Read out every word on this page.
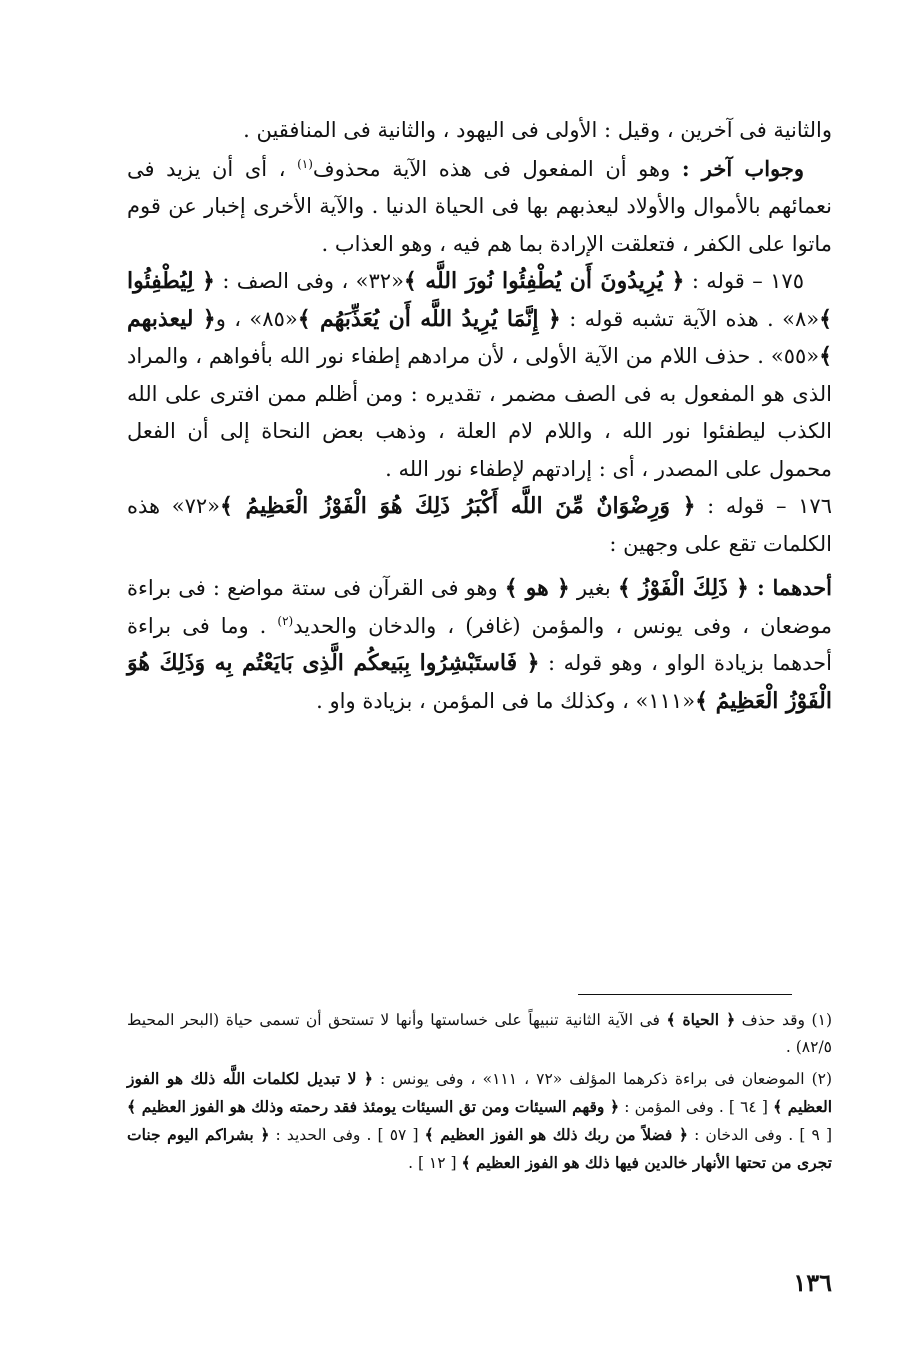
والثانية فى آخرين ، وقيل : الأولى فى اليهود ، والثانية فى المنافقين .

وجواب آخر : وهو أن المفعول فى هذه الآية محذوف$^{(١)}$ ، أى أن يزيد فى نعمائهم بالأموال والأولاد ليعذبهم بها فى الحياة الدنيا . والآية الأخرى إخبار عن قوم ماتوا على الكفر ، فتعلقت الإرادة بما هم فيه ، وهو العذاب .

١٧٥ – قوله : ﴿ يُرِيدُونَ أَن يُطْفِئُوا نُورَ اللَّه ﴾«٣٢» ، وفى الصف : ﴿ لِيُطْفِئُوا ﴾«٨» . هذه الآية تشبه قوله : ﴿ إِنَّمَا يُرِيدُ اللَّه أَن يُعَذِّبَهُم ﴾«٨٥» ، و﴿ ليعذبهم ﴾«٥٥» . حذف اللام من الآية الأولى ، لأن مرادهم إطفاء نور الله بأفواهم ، والمراد الذى هو المفعول به فى الصف مضمر ، تقديره : ومن أظلم ممن افترى على الله الكذب ليطفئوا نور الله ، واللام لام العلة ، وذهب بعض النحاة إلى أن الفعل محمول على المصدر ، أى : إرادتهم لإطفاء نور الله .

١٧٦ – قوله : ﴿ وَرِضْوَانٌ مِّنَ اللَّه أَكْبَرُ ذَلِكَ هُوَ الْفَوْزُ الْعَظِيمُ ﴾«٧٢» هذه الكلمات تقع على وجهين :

أحدهما : ﴿ ذَلِكَ الْفَوْزُ ﴾ بغير ﴿ هو ﴾ وهو فى القرآن فى ستة مواضع : فى براءة موضعان ، وفى يونس ، والمؤمن (غافر) ، والدخان والحديد$^{(٢)}$ . وما فى براءة أحدهما بزيادة الواو ، وهو قوله : ﴿ فَاستَبْشِرُوا بِبَيعكُم الَّذِى بَايَعْتُم بِه وَذَلِكَ هُوَ الْفَوْزُ الْعَظِيمُ ﴾«١١١» ، وكذلك ما فى المؤمن ، بزيادة واو .

(١) وقد حذف ﴿ الحياة ﴾ فى الآية الثانية تنبيهاً على خساستها وأنها لا تستحق أن تسمى حياة (البحر المحيط ٨٢/٥) .

(٢) الموضعان فى براءة ذكرهما المؤلف «٧٢ ، ١١١» ، وفى يونس : ﴿ لا تبديل لكلمات اللَّه ذلك هو الفوز العظيم ﴾ [ ٦٤ ] . وفى المؤمن : ﴿ وقهم السيئات ومن تق السيئات يومئذ فقد رحمته وذلك هو الفوز العظيم ﴾ [ ٩ ] . وفى الدخان : ﴿ فضلاً من ربك ذلك هو الفوز العظيم ﴾ [ ٥٧ ] . وفى الحديد : ﴿ بشراكم اليوم جنات تجرى من تحتها الأنهار خالدين فيها ذلك هو الفوز العظيم ﴾ [ ١٢ ] .

١٣٦
